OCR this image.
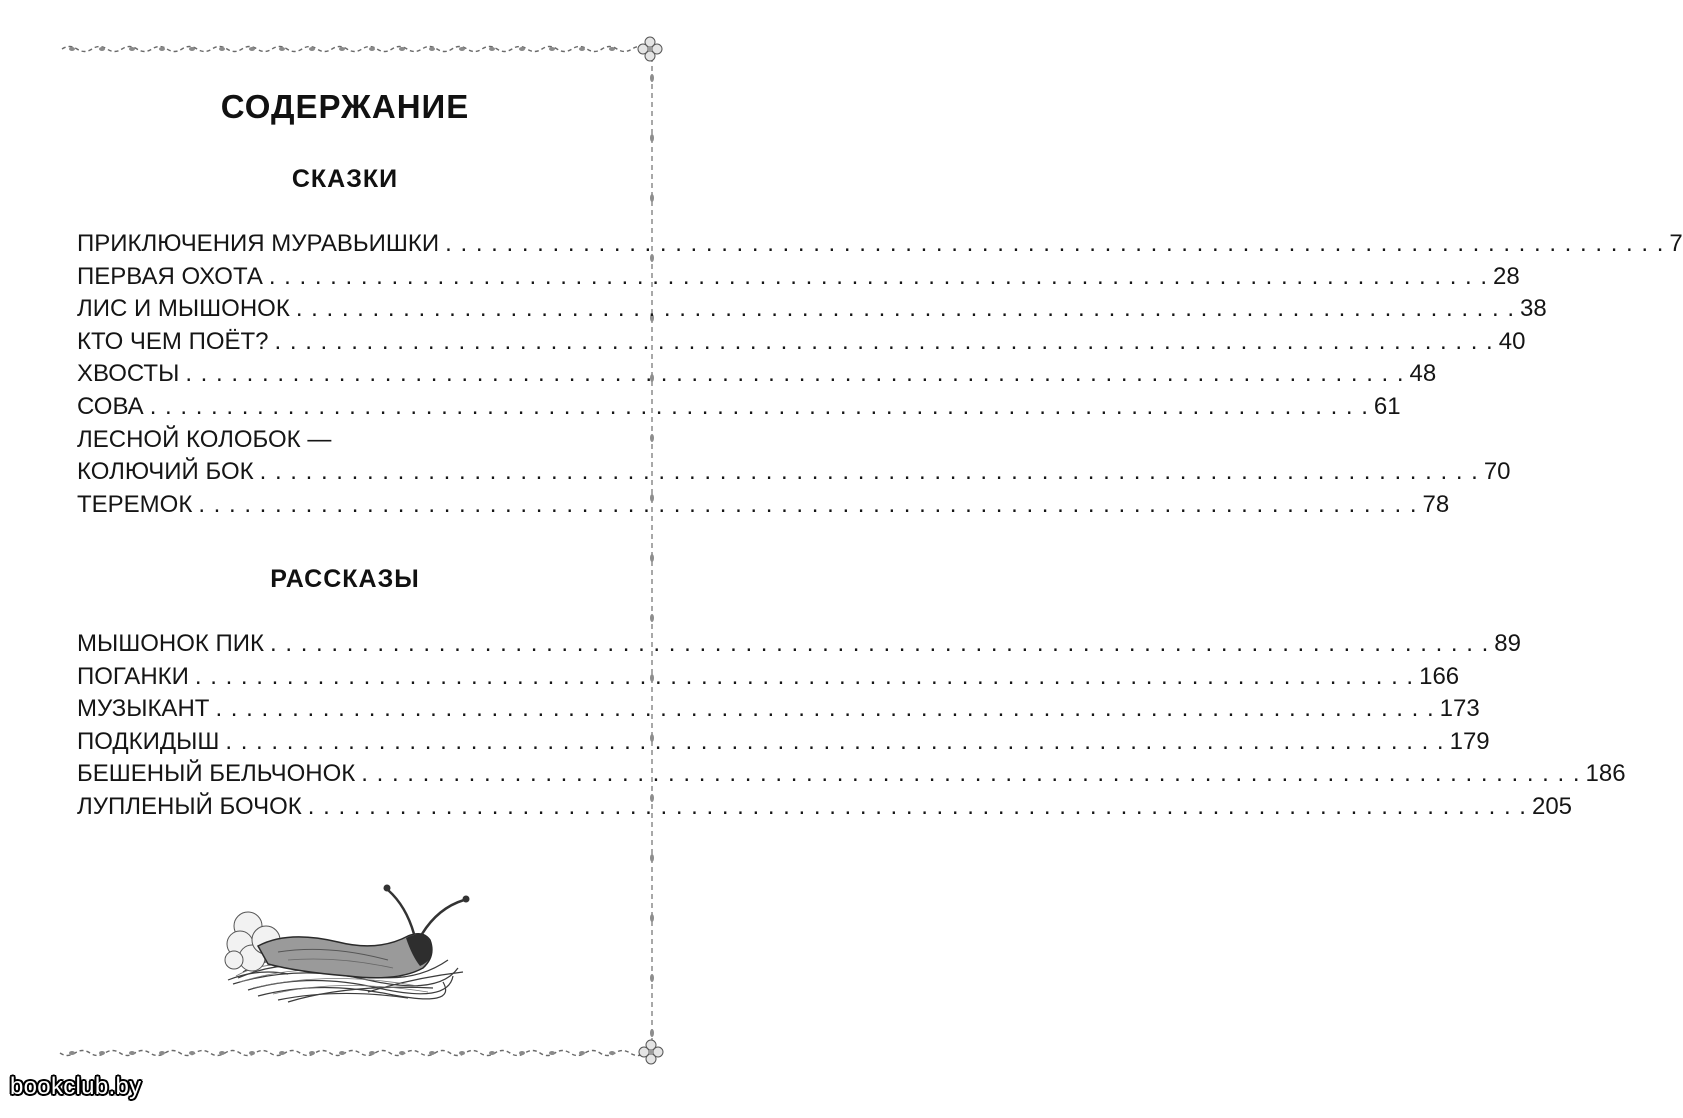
СОДЕРЖАНИЕ
СКАЗКИ
ПРИКЛЮЧЕНИЯ МУРАВЬИШКИ . . . . . . . . . . . . . . . . . . . . . . . . . . . . . . . . . . . . . . . . . . . . . . . . . . . . . . . . . . . . . . . . . . . . . . . . . . . . . . . . 7
ПЕРВАЯ ОХОТА . . . . . . . . . . . . . . . . . . . . . . . . . . . . . . . . . . . . . . . . . . . . . . . . . . . . . . . . . . . . . . . . . . . . . . . . . . . . . . . . 28
ЛИС И МЫШОНОК . . . . . . . . . . . . . . . . . . . . . . . . . . . . . . . . . . . . . . . . . . . . . . . . . . . . . . . . . . . . . . . . . . . . . . . . . . . . . . . . 38
КТО ЧЕМ ПОЁТ? . . . . . . . . . . . . . . . . . . . . . . . . . . . . . . . . . . . . . . . . . . . . . . . . . . . . . . . . . . . . . . . . . . . . . . . . . . . . . . . . 40
ХВОСТЫ . . . . . . . . . . . . . . . . . . . . . . . . . . . . . . . . . . . . . . . . . . . . . . . . . . . . . . . . . . . . . . . . . . . . . . . . . . . . . . . . 48
СОВА . . . . . . . . . . . . . . . . . . . . . . . . . . . . . . . . . . . . . . . . . . . . . . . . . . . . . . . . . . . . . . . . . . . . . . . . . . . . . . . . 61
ЛЕСНОЙ КОЛОБОК —
КОЛЮЧИЙ БОК . . . . . . . . . . . . . . . . . . . . . . . . . . . . . . . . . . . . . . . . . . . . . . . . . . . . . . . . . . . . . . . . . . . . . . . . . . . . . . . . 70
ТЕРЕМОК . . . . . . . . . . . . . . . . . . . . . . . . . . . . . . . . . . . . . . . . . . . . . . . . . . . . . . . . . . . . . . . . . . . . . . . . . . . . . . . . 78
РАССКАЗЫ
МЫШОНОК ПИК . . . . . . . . . . . . . . . . . . . . . . . . . . . . . . . . . . . . . . . . . . . . . . . . . . . . . . . . . . . . . . . . . . . . . . . . . . . . . . . . 89
ПОГАНКИ . . . . . . . . . . . . . . . . . . . . . . . . . . . . . . . . . . . . . . . . . . . . . . . . . . . . . . . . . . . . . . . . . . . . . . . . . . . . . . . . 166
МУЗЫКАНТ . . . . . . . . . . . . . . . . . . . . . . . . . . . . . . . . . . . . . . . . . . . . . . . . . . . . . . . . . . . . . . . . . . . . . . . . . . . . . . . . 173
ПОДКИДЫШ . . . . . . . . . . . . . . . . . . . . . . . . . . . . . . . . . . . . . . . . . . . . . . . . . . . . . . . . . . . . . . . . . . . . . . . . . . . . . . . . 179
БЕШЕНЫЙ БЕЛЬЧОНОК . . . . . . . . . . . . . . . . . . . . . . . . . . . . . . . . . . . . . . . . . . . . . . . . . . . . . . . . . . . . . . . . . . . . . . . . . . . . . . . . 186
ЛУПЛЕНЫЙ БОЧОК . . . . . . . . . . . . . . . . . . . . . . . . . . . . . . . . . . . . . . . . . . . . . . . . . . . . . . . . . . . . . . . . . . . . . . . . . . . . . . . . 205
bookclub.by
